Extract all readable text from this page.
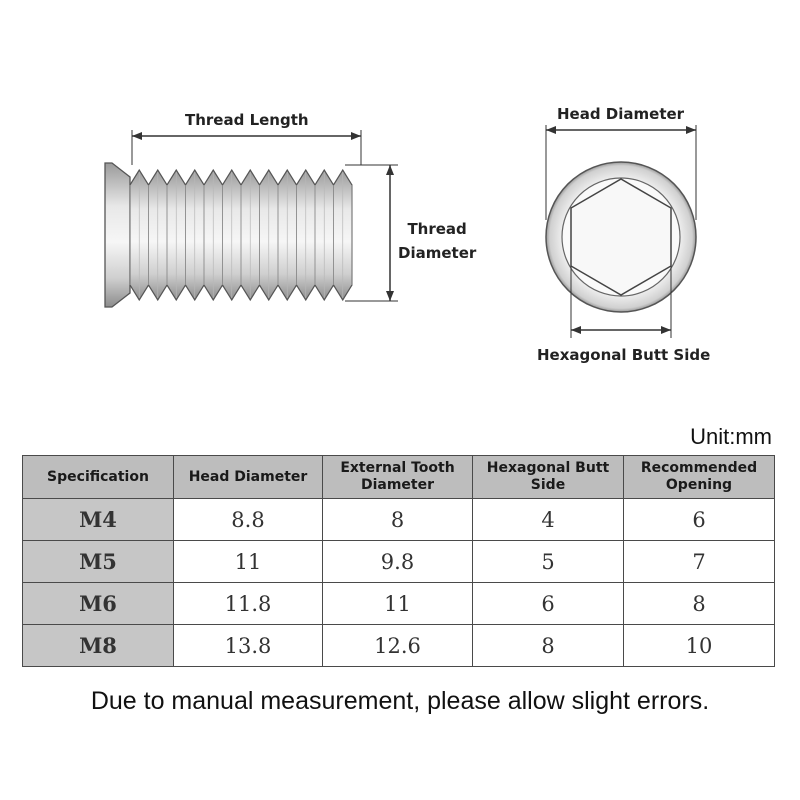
Thread Length
Thread
Diameter
Head Diameter
Hexagonal Butt Side
Unit:mm
Specification	Head Diameter	External Tooth Diameter	Hexagonal Butt Side	Recommended Opening
M4	8.8	8	4	6
M5	11	9.8	5	7
M6	11.8	11	6	8
M8	13.8	12.6	8	10
Due to manual measurement, please allow slight errors.
